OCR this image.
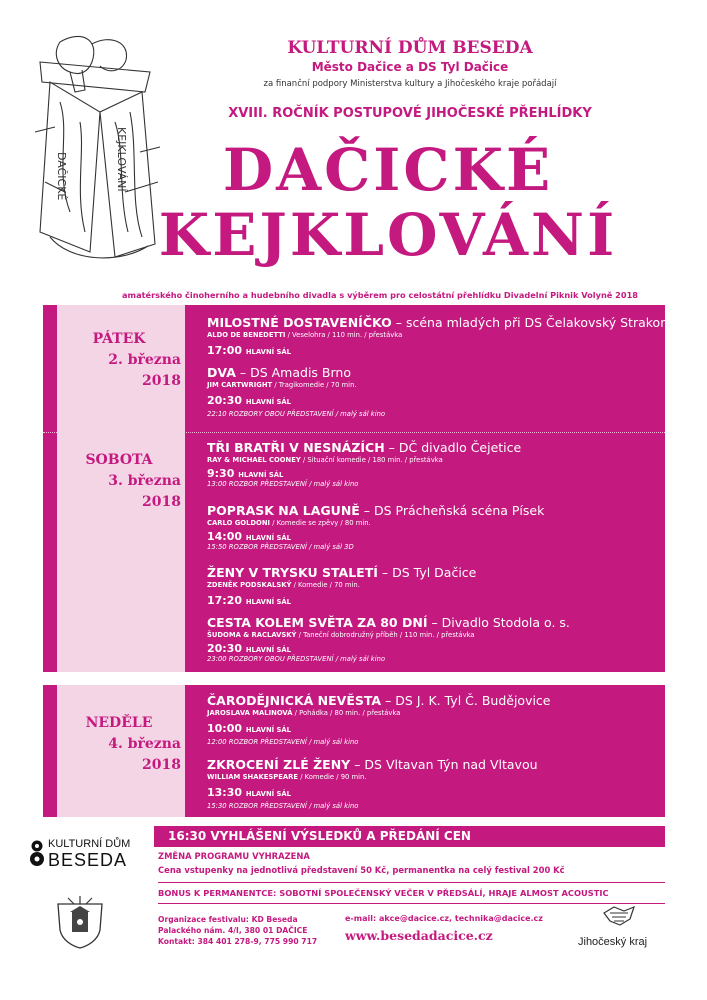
DAČICKÉ	KEJKLOVÁNÍ
KULTURNÍ DŮM BESEDA
Město Dačice a DS Tyl Dačice
za finanční podpory Ministerstva kultury a Jihočeského kraje pořádají
XVIII. ROČNÍK POSTUPOVÉ JIHOČESKÉ PŘEHLÍDKY
DAČICKÉ
KEJKLOVÁNÍ
amatérského činoherního a hudebního divadla s výběrem pro celostátní přehlídku Divadelní Piknik Volyně 2018
PÁTEK
2. března
2018
MILOSTNÉ DOSTAVENÍČKO – scéna mladých při DS Čelakovský Strakonice
ALDO DE BENEDETTI / Veselohra / 110 min. / přestávka
17:00 HLAVNÍ SÁL
DVA – DS Amadis Brno
JIM CARTWRIGHT / Tragikomedie / 70 min.
20:30 HLAVNÍ SÁL
22:10 ROZBORY OBOU PŘEDSTAVENÍ / malý sál kino
SOBOTA
3. března
2018
TŘI BRATŘI V NESNÁZÍCH – DČ divadlo Čejetice
RAY & MICHAEL COONEY / Situační komedie / 180 min. / přestávka
9:30 HLAVNÍ SÁL
13:00 ROZBOR PŘEDSTAVENÍ / malý sál kino
POPRASK NA LAGUNĚ – DS Prácheňská scéna Písek
CARLO GOLDONI / Komedie se zpěvy / 80 min.
14:00 HLAVNÍ SÁL
15:50 ROZBOR PŘEDSTAVENÍ / malý sál 3D
ŽENY V TRYSKU STALETÍ – DS Tyl Dačice
ZDENĚK PODSKALSKÝ / Komedie / 70 min.
17:20 HLAVNÍ SÁL
CESTA KOLEM SVĚTA ZA 80 DNÍ – Divadlo Stodola o. s.
ŠUDOMA & RACLAVSKÝ / Taneční dobrodružný příběh / 110 min. / přestávka
20:30 HLAVNÍ SÁL
23:00 ROZBORY OBOU PŘEDSTAVENÍ / malý sál kino
NEDĚLE
4. března
2018
ČARODĚJNICKÁ NEVĚSTA – DS J. K. Tyl Č. Budějovice
JAROSLAVA MALINOVÁ / Pohádka / 80 min. / přestávka
10:00 HLAVNÍ SÁL
12:00 ROZBOR PŘEDSTAVENÍ / malý sál kino
ZKROCENÍ ZLÉ ŽENY – DS Vltavan Týn nad Vltavou
WILLIAM SHAKESPEARE / Komedie / 90 min.
13:30 HLAVNÍ SÁL
15:30 ROZBOR PŘEDSTAVENÍ / malý sál kino
16:30 VYHLÁŠENÍ VÝSLEDKŮ A PŘEDÁNÍ CEN
KULTURNÍ DŮM
BESEDA	ZMĚNA PROGRAMU VYHRAZENA
Cena vstupenky na jednotlivá představení 50 Kč, permanentka na celý festival 200 Kč
BONUS K PERMANENTCE: SOBOTNÍ SPOLEČENSKÝ VEČER V PŘEDSÁLÍ, HRAJE ALMOST ACOUSTIC
Organizace festivalu: KD Beseda
Palackého nám. 4/I, 380 01 DAČICE
Kontakt: 384 401 278-9, 775 990 717
e-mail: akce@dacice.cz, technika@dacice.cz
www.besedadacice.cz	Jihočeský kraj
